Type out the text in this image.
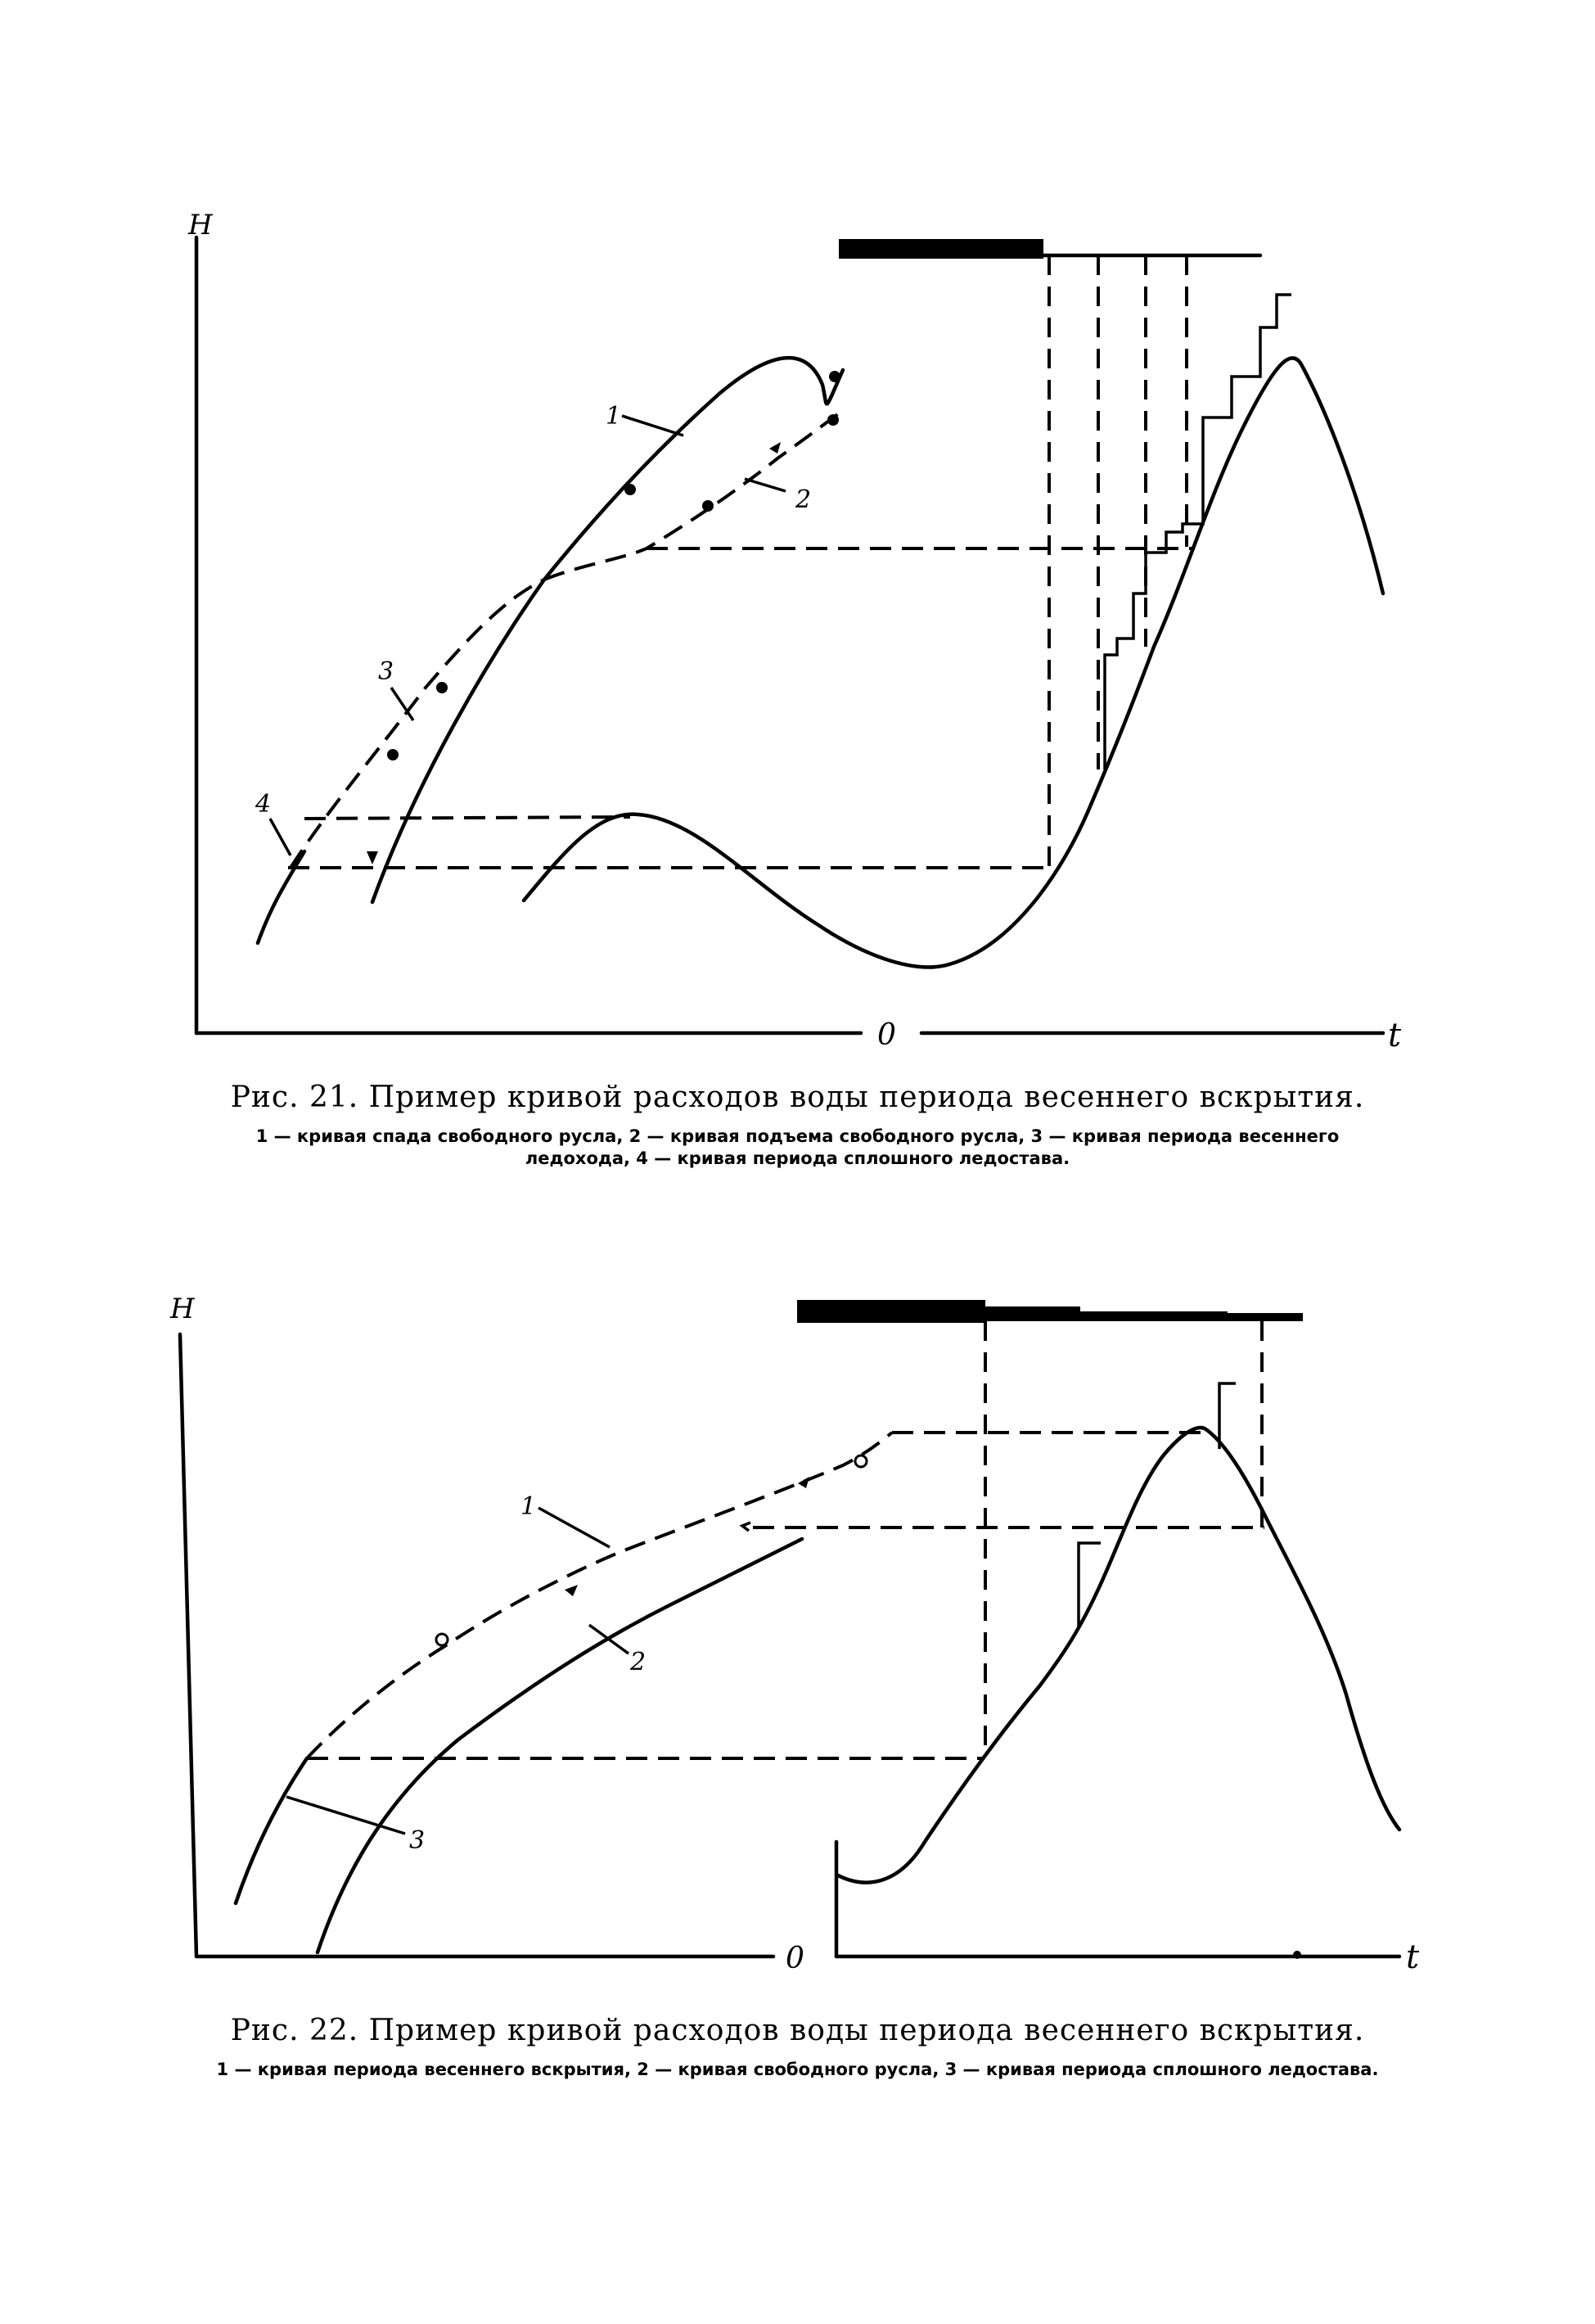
H
t
0
1
2
3
4
H
t
0
1
2
3
Рис. 21. Пример кривой расходов воды периода весеннего вскрытия.
1 — кривая спада свободного русла, 2 — кривая подъема свободного русла, 3 — кривая периода весеннего ледохода, 4 — кривая периода сплошного ледостава.
Рис. 22. Пример кривой расходов воды периода весеннего вскрытия.
1 — кривая периода весеннего вскрытия, 2 — кривая свободного русла, 3 — кривая периода сплошного ледостава.
